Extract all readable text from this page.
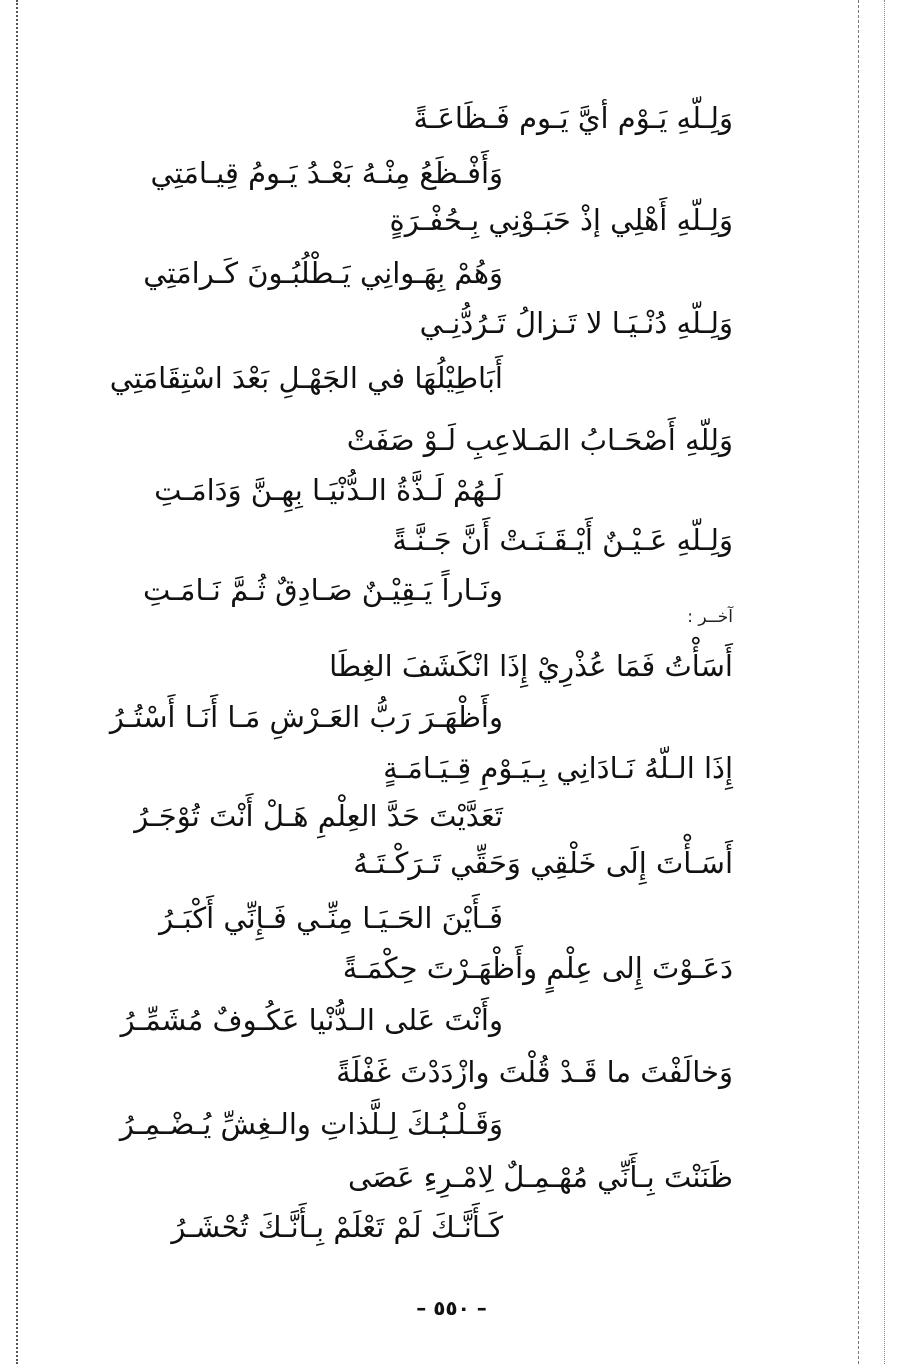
وَلِـلّهِ يَـوْم أيَّ يَـوم فَـظَاعَـةً
وَأَفْـظَعُ مِنْـهُ بَعْـدُ يَـومُ قِيـامَتِي
وَلِـلّهِ أَهْلِي إذْ حَبَـوْنِي بِـحُفْـرَةٍ
وَهُمْ بِهَـوانِي يَـطْلُبُـونَ كَـرامَتِي
وَلِـلّهِ دُنْـيَـا لا تَـزالُ تَـرُدُّنِـي
أَبَاطِيْلُهَا في الجَهْـلِ بَعْدَ اسْتِقَامَتِي
وَلِلّهِ أَصْحَـابُ المَـلاعِبِ لَـوْ صَفَتْ
لَـهُمْ لَـذَّةُ الـدُّنْيَـا بِهِـنَّ وَدَامَـتِ
وَلِـلّهِ عَـيْـنٌ أَيْـقَـنَـتْ أَنَّ جَـنَّـةً
ونَـاراً يَـقِيْـنٌ صَـادِقٌ ثُـمَّ نَـامَـتِ
آخــر :
أَسَأْتُ فَمَا عُذْرِيْ إِذَا انْكَشَفَ الغِطَا
وأَظْهَـرَ رَبُّ العَـرْشِ مَـا أَنَـا أَسْتُـرُ
إِذَا الـلّهُ نَـادَانِي بِـيَـوْمِ قِـيَـامَـةٍ
تَعَدَّيْتَ حَدَّ العِلْمِ هَـلْ أَنْتَ تُوْجَـرُ
أَسَـأْتَ إِلَى خَلْقِي وَحَقِّي تَـرَكْـتَـهُ
فَـأَيْنَ الحَـيَـا مِنِّـي فَـإِنِّي أَكْبَـرُ
دَعَـوْتَ إِلى عِلْمٍ وأَظْهَـرْتَ حِكْمَـةً
وأَنْتَ عَلى الـدُّنْيا عَكُـوفٌ مُشَمِّـرُ
وَخالَفْتَ ما قَـدْ قُلْتَ وازْدَدْتَ غَفْلَةً
وَقَـلْـبُـكَ لِـلَّذاتِ والـغِشِّ يُـضْـمِـرُ
ظَنَنْتَ بِـأَنِّي مُهْـمِـلٌ لِامْـرِءِ عَصَى
كَـأَنَّـكَ لَمْ تَعْلَمْ بِـأَنَّـكَ تُحْشَـرُ
– ٥٥٠ –
